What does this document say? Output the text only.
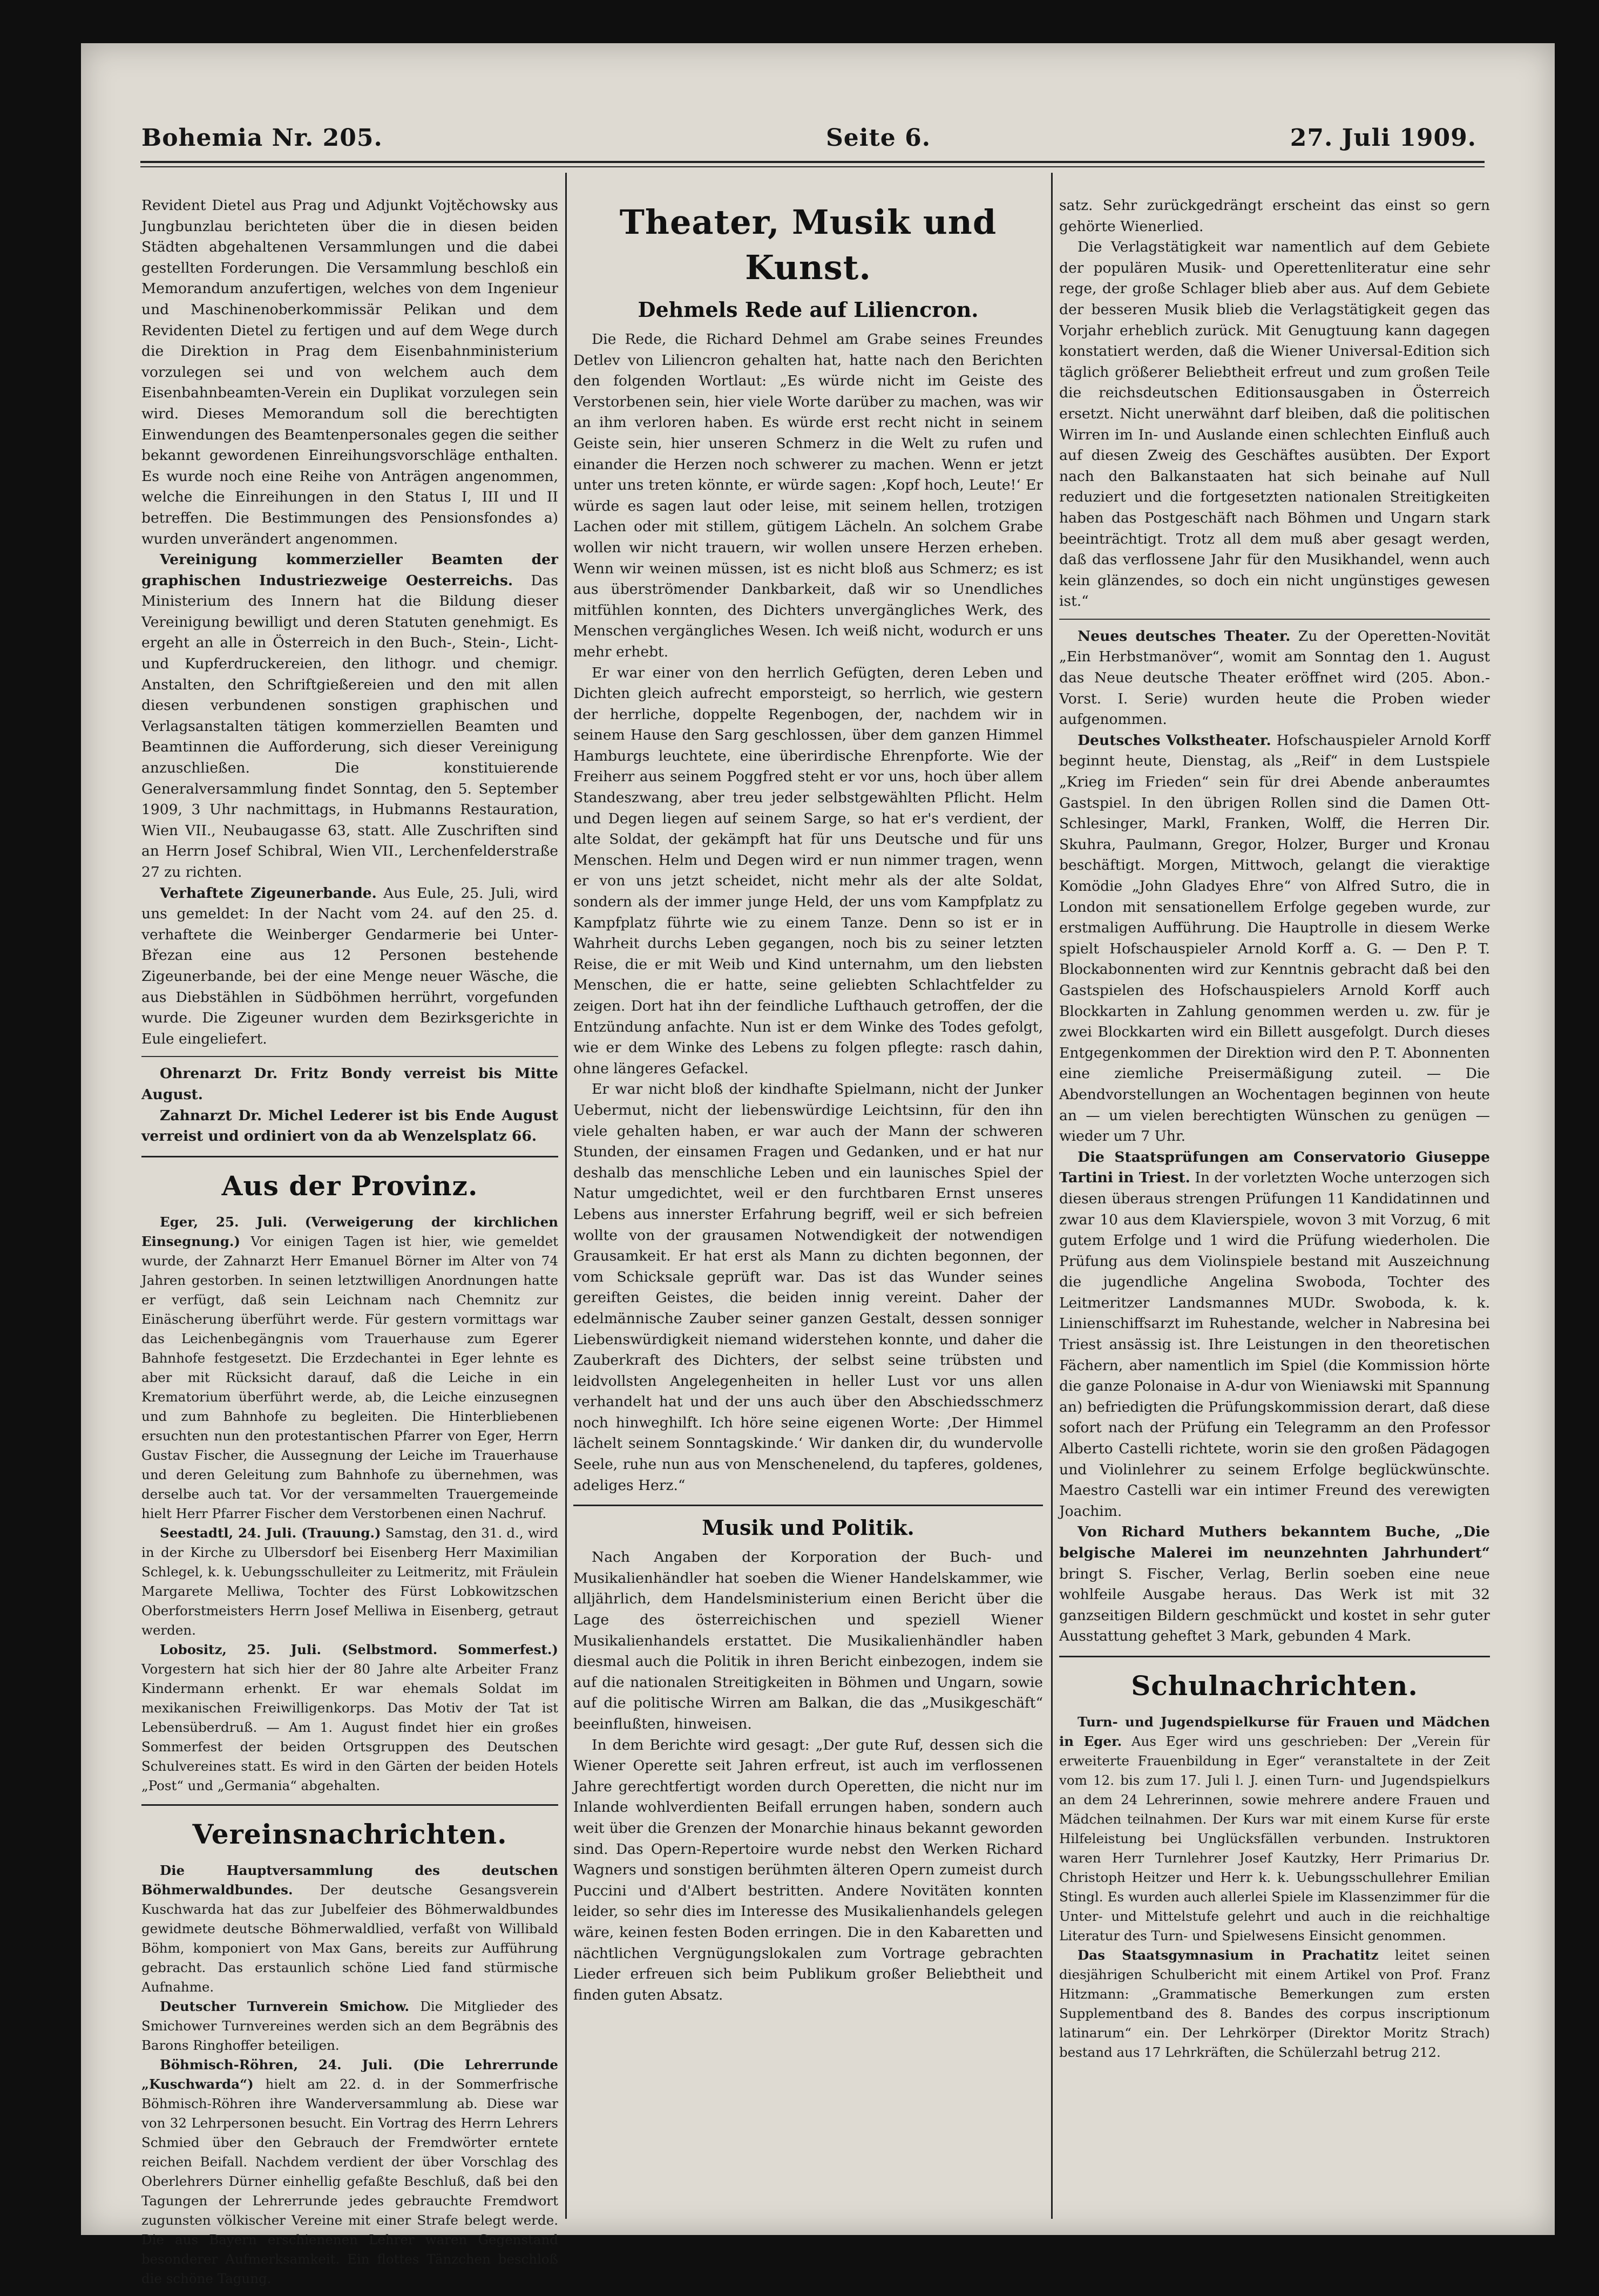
Bohemia Nr. 205.	Seite 6.	27. Juli 1909.

Revident Dietel aus Prag und Adjunkt Vojtěchowsky aus Jungbunzlau berichteten über die in diesen beiden Städten abgehaltenen Versammlungen und die dabei gestellten Forderungen. Die Versammlung beschloß ein Memorandum anzufertigen, welches von dem Ingenieur und Maschinenoberkommissär Pelikan und dem Revidenten Dietel zu fertigen und auf dem Wege durch die Direktion in Prag dem Eisenbahnministerium vorzulegen sei und von welchem auch dem Eisenbahnbeamten-Verein ein Duplikat vorzulegen sein wird. Dieses Memorandum soll die berechtigten Einwendungen des Beamtenpersonales gegen die seither bekannt gewordenen Einreihungsvorschläge enthalten. Es wurde noch eine Reihe von Anträgen angenommen, welche die Einreihungen in den Status I, III und II betreffen. Die Bestimmungen des Pensionsfondes a) wurden unverändert angenommen.

Vereinigung kommerzieller Beamten der graphischen Industriezweige Oesterreichs. Das Ministerium des Innern hat die Bildung dieser Vereinigung bewilligt und deren Statuten genehmigt. Es ergeht an alle in Österreich in den Buch-, Stein-, Licht- und Kupferdruckereien, den lithogr. und chemigr. Anstalten, den Schriftgießereien und den mit allen diesen verbundenen sonstigen graphischen und Verlagsanstalten tätigen kommerziellen Beamten und Beamtinnen die Aufforderung, sich dieser Vereinigung anzuschließen. Die konstituierende Generalversammlung findet Sonntag, den 5. September 1909, 3 Uhr nachmittags, in Hubmanns Restauration, Wien VII., Neubaugasse 63, statt. Alle Zuschriften sind an Herrn Josef Schibral, Wien VII., Lerchenfelderstraße 27 zu richten.

Verhaftete Zigeunerbande. Aus Eule, 25. Juli, wird uns gemeldet: In der Nacht vom 24. auf den 25. d. verhaftete die Weinberger Gendarmerie bei Unter-Březan eine aus 12 Personen bestehende Zigeunerbande, bei der eine Menge neuer Wäsche, die aus Diebstählen in Südböhmen herrührt, vorgefunden wurde. Die Zigeuner wurden dem Bezirksgerichte in Eule eingeliefert.

Ohrenarzt Dr. Fritz Bondy verreist bis Mitte August.

Zahnarzt Dr. Michel Lederer ist bis Ende August verreist und ordiniert von da ab Wenzelsplatz 66.

Aus der Provinz.

Eger, 25. Juli. (Verweigerung der kirchlichen Einsegnung.) Vor einigen Tagen ist hier, wie gemeldet wurde, der Zahnarzt Herr Emanuel Börner im Alter von 74 Jahren gestorben. In seinen letztwilligen Anordnungen hatte er verfügt, daß sein Leichnam nach Chemnitz zur Einäscherung überführt werde. Für gestern vormittags war das Leichenbegängnis vom Trauerhause zum Egerer Bahnhofe festgesetzt. Die Erzdechantei in Eger lehnte es aber mit Rücksicht darauf, daß die Leiche in ein Krematorium überführt werde, ab, die Leiche einzusegnen und zum Bahnhofe zu begleiten. Die Hinterbliebenen ersuchten nun den protestantischen Pfarrer von Eger, Herrn Gustav Fischer, die Aussegnung der Leiche im Trauerhause und deren Geleitung zum Bahnhofe zu übernehmen, was derselbe auch tat. Vor der versammelten Trauergemeinde hielt Herr Pfarrer Fischer dem Verstorbenen einen Nachruf.

Seestadtl, 24. Juli. (Trauung.) Samstag, den 31. d., wird in der Kirche zu Ulbersdorf bei Eisenberg Herr Maximilian Schlegel, k. k. Uebungsschulleiter zu Leitmeritz, mit Fräulein Margarete Melliwa, Tochter des Fürst Lobkowitzschen Oberforstmeisters Herrn Josef Melliwa in Eisenberg, getraut werden.

Lobositz, 25. Juli. (Selbstmord. Sommerfest.) Vorgestern hat sich hier der 80 Jahre alte Arbeiter Franz Kindermann erhenkt. Er war ehemals Soldat im mexikanischen Freiwilligenkorps. Das Motiv der Tat ist Lebensüberdruß. — Am 1. August findet hier ein großes Sommerfest der beiden Ortsgruppen des Deutschen Schulvereines statt. Es wird in den Gärten der beiden Hotels „Post“ und „Germania“ abgehalten.

Vereinsnachrichten.

Die Hauptversammlung des deutschen Böhmerwaldbundes. Der deutsche Gesangsverein Kuschwarda hat das zur Jubelfeier des Böhmerwaldbundes gewidmete deutsche Böhmerwaldlied, verfaßt von Willibald Böhm, komponiert von Max Gans, bereits zur Aufführung gebracht. Das erstaunlich schöne Lied fand stürmische Aufnahme.

Deutscher Turnverein Smichow. Die Mitglieder des Smichower Turnvereines werden sich an dem Begräbnis des Barons Ringhoffer beteiligen.

Böhmisch-Röhren, 24. Juli. (Die Lehrerrunde „Kuschwarda“) hielt am 22. d. in der Sommerfrische Böhmisch-Röhren ihre Wanderversammlung ab. Diese war von 32 Lehrpersonen besucht. Ein Vortrag des Herrn Lehrers Schmied über den Gebrauch der Fremdwörter erntete reichen Beifall. Nachdem verdient der über Vorschlag des Oberlehrers Dürner einhellig gefaßte Beschluß, daß bei den Tagungen der Lehrerrunde jedes gebrauchte Fremdwort zugunsten völkischer Vereine mit einer Strafe belegt werde. Die aus Bayern erschienenen Lehrer waren Gegenstand besonderer Aufmerksamkeit. Ein flottes Tänzchen beschloß die schöne Tagung.

Theater, Musik und Kunst.
Dehmels Rede auf Liliencron.

Die Rede, die Richard Dehmel am Grabe seines Freundes Detlev von Liliencron gehalten hat, hatte nach den Berichten den folgenden Wortlaut: „Es würde nicht im Geiste des Verstorbenen sein, hier viele Worte darüber zu machen, was wir an ihm verloren haben. Es würde erst recht nicht in seinem Geiste sein, hier unseren Schmerz in die Welt zu rufen und einander die Herzen noch schwerer zu machen. Wenn er jetzt unter uns treten könnte, er würde sagen: ‚Kopf hoch, Leute!‘ Er würde es sagen laut oder leise, mit seinem hellen, trotzigen Lachen oder mit stillem, gütigem Lächeln. An solchem Grabe wollen wir nicht trauern, wir wollen unsere Herzen erheben. Wenn wir weinen müssen, ist es nicht bloß aus Schmerz; es ist aus überströmender Dankbarkeit, daß wir so Unendliches mitfühlen konnten, des Dichters unvergängliches Werk, des Menschen vergängliches Wesen. Ich weiß nicht, wodurch er uns mehr erhebt.

Er war einer von den herrlich Gefügten, deren Leben und Dichten gleich aufrecht emporsteigt, so herrlich, wie gestern der herrliche, doppelte Regenbogen, der, nachdem wir in seinem Hause den Sarg geschlossen, über dem ganzen Himmel Hamburgs leuchtete, eine überirdische Ehrenpforte. Wie der Freiherr aus seinem Poggfred steht er vor uns, hoch über allem Standeszwang, aber treu jeder selbstgewählten Pflicht. Helm und Degen liegen auf seinem Sarge, so hat er's verdient, der alte Soldat, der gekämpft hat für uns Deutsche und für uns Menschen. Helm und Degen wird er nun nimmer tragen, wenn er von uns jetzt scheidet, nicht mehr als der alte Soldat, sondern als der immer junge Held, der uns vom Kampfplatz zu Kampfplatz führte wie zu einem Tanze. Denn so ist er in Wahrheit durchs Leben gegangen, noch bis zu seiner letzten Reise, die er mit Weib und Kind unternahm, um den liebsten Menschen, die er hatte, seine geliebten Schlachtfelder zu zeigen. Dort hat ihn der feindliche Lufthauch getroffen, der die Entzündung anfachte. Nun ist er dem Winke des Todes gefolgt, wie er dem Winke des Lebens zu folgen pflegte: rasch dahin, ohne längeres Gefackel.

Er war nicht bloß der kindhafte Spielmann, nicht der Junker Uebermut, nicht der liebenswürdige Leichtsinn, für den ihn viele gehalten haben, er war auch der Mann der schweren Stunden, der einsamen Fragen und Gedanken, und er hat nur deshalb das menschliche Leben und ein launisches Spiel der Natur umgedichtet, weil er den furchtbaren Ernst unseres Lebens aus innerster Erfahrung begriff, weil er sich befreien wollte von der grausamen Notwendigkeit der notwendigen Grausamkeit. Er hat erst als Mann zu dichten begonnen, der vom Schicksale geprüft war. Das ist das Wunder seines gereiften Geistes, die beiden innig vereint. Daher der edelmännische Zauber seiner ganzen Gestalt, dessen sonniger Liebenswürdigkeit niemand widerstehen konnte, und daher die Zauberkraft des Dichters, der selbst seine trübsten und leidvollsten Angelegenheiten in heller Lust vor uns allen verhandelt hat und der uns auch über den Abschiedsschmerz noch hinweghilft. Ich höre seine eigenen Worte: ‚Der Himmel lächelt seinem Sonntagskinde.‘ Wir danken dir, du wundervolle Seele, ruhe nun aus von Menschenelend, du tapferes, goldenes, adeliges Herz.“

Musik und Politik.

Nach Angaben der Korporation der Buch- und Musikalienhändler hat soeben die Wiener Handelskammer, wie alljährlich, dem Handelsministerium einen Bericht über die Lage des österreichischen und speziell Wiener Musikalienhandels erstattet. Die Musikalienhändler haben diesmal auch die Politik in ihren Bericht einbezogen, indem sie auf die nationalen Streitigkeiten in Böhmen und Ungarn, sowie auf die politische Wirren am Balkan, die das „Musikgeschäft“ beeinflußten, hinweisen.

In dem Berichte wird gesagt: „Der gute Ruf, dessen sich die Wiener Operette seit Jahren erfreut, ist auch im verflossenen Jahre gerechtfertigt worden durch Operetten, die nicht nur im Inlande wohlverdienten Beifall errungen haben, sondern auch weit über die Grenzen der Monarchie hinaus bekannt geworden sind. Das Opern-Repertoire wurde nebst den Werken Richard Wagners und sonstigen berühmten älteren Opern zumeist durch Puccini und d'Albert bestritten. Andere Novitäten konnten leider, so sehr dies im Interesse des Musikalienhandels gelegen wäre, keinen festen Boden erringen. Die in den Kabaretten und nächtlichen Vergnügungslokalen zum Vortrage gebrachten Lieder erfreuen sich beim Publikum großer Beliebtheit und finden guten Absatz.

satz. Sehr zurückgedrängt erscheint das einst so gern gehörte Wienerlied.

Die Verlagstätigkeit war namentlich auf dem Gebiete der populären Musik- und Operettenliteratur eine sehr rege, der große Schlager blieb aber aus. Auf dem Gebiete der besseren Musik blieb die Verlagstätigkeit gegen das Vorjahr erheblich zurück. Mit Genugtuung kann dagegen konstatiert werden, daß die Wiener Universal-Edition sich täglich größerer Beliebtheit erfreut und zum großen Teile die reichsdeutschen Editionsausgaben in Österreich ersetzt. Nicht unerwähnt darf bleiben, daß die politischen Wirren im In- und Auslande einen schlechten Einfluß auch auf diesen Zweig des Geschäftes ausübten. Der Export nach den Balkanstaaten hat sich beinahe auf Null reduziert und die fortgesetzten nationalen Streitigkeiten haben das Postgeschäft nach Böhmen und Ungarn stark beeinträchtigt. Trotz all dem muß aber gesagt werden, daß das verflossene Jahr für den Musikhandel, wenn auch kein glänzendes, so doch ein nicht ungünstiges gewesen ist.“

Neues deutsches Theater. Zu der Operetten-Novität „Ein Herbstmanöver“, womit am Sonntag den 1. August das Neue deutsche Theater eröffnet wird (205. Abon.-Vorst. I. Serie) wurden heute die Proben wieder aufgenommen.

Deutsches Volkstheater. Hofschauspieler Arnold Korff beginnt heute, Dienstag, als „Reif“ in dem Lustspiele „Krieg im Frieden“ sein für drei Abende anberaumtes Gastspiel. In den übrigen Rollen sind die Damen Ott-Schlesinger, Markl, Franken, Wolff, die Herren Dir. Skuhra, Paulmann, Gregor, Holzer, Burger und Kronau beschäftigt. Morgen, Mittwoch, gelangt die vieraktige Komödie „John Gladyes Ehre“ von Alfred Sutro, die in London mit sensationellem Erfolge gegeben wurde, zur erstmaligen Aufführung. Die Hauptrolle in diesem Werke spielt Hofschauspieler Arnold Korff a. G. — Den P. T. Blockabonnenten wird zur Kenntnis gebracht daß bei den Gastspielen des Hofschauspielers Arnold Korff auch Blockkarten in Zahlung genommen werden u. zw. für je zwei Blockkarten wird ein Billett ausgefolgt. Durch dieses Entgegenkommen der Direktion wird den P. T. Abonnenten eine ziemliche Preisermäßigung zuteil. — Die Abendvorstellungen an Wochentagen beginnen von heute an — um vielen berechtigten Wünschen zu genügen — wieder um 7 Uhr.

Die Staatsprüfungen am Conservatorio Giuseppe Tartini in Triest. In der vorletzten Woche unterzogen sich diesen überaus strengen Prüfungen 11 Kandidatinnen und zwar 10 aus dem Klavierspiele, wovon 3 mit Vorzug, 6 mit gutem Erfolge und 1 wird die Prüfung wiederholen. Die Prüfung aus dem Violinspiele bestand mit Auszeichnung die jugendliche Angelina Swoboda, Tochter des Leitmeritzer Landsmannes MUDr. Swoboda, k. k. Linienschiffsarzt im Ruhestande, welcher in Nabresina bei Triest ansässig ist. Ihre Leistungen in den theoretischen Fächern, aber namentlich im Spiel (die Kommission hörte die ganze Polonaise in A-dur von Wieniawski mit Spannung an) befriedigten die Prüfungskommission derart, daß diese sofort nach der Prüfung ein Telegramm an den Professor Alberto Castelli richtete, worin sie den großen Pädagogen und Violinlehrer zu seinem Erfolge beglückwünschte. Maestro Castelli war ein intimer Freund des verewigten Joachim.

Von Richard Muthers bekanntem Buche, „Die belgische Malerei im neunzehnten Jahrhundert“ bringt S. Fischer, Verlag, Berlin soeben eine neue wohlfeile Ausgabe heraus. Das Werk ist mit 32 ganzseitigen Bildern geschmückt und kostet in sehr guter Ausstattung geheftet 3 Mark, gebunden 4 Mark.

Schulnachrichten.

Turn- und Jugendspielkurse für Frauen und Mädchen in Eger. Aus Eger wird uns geschrieben: Der „Verein für erweiterte Frauenbildung in Eger“ veranstaltete in der Zeit vom 12. bis zum 17. Juli l. J. einen Turn- und Jugendspielkurs an dem 24 Lehrerinnen, sowie mehrere andere Frauen und Mädchen teilnahmen. Der Kurs war mit einem Kurse für erste Hilfeleistung bei Unglücksfällen verbunden. Instruktoren waren Herr Turnlehrer Josef Kautzky, Herr Primarius Dr. Christoph Heitzer und Herr k. k. Uebungsschullehrer Emilian Stingl. Es wurden auch allerlei Spiele im Klassenzimmer für die Unter- und Mittelstufe gelehrt und auch in die reichhaltige Literatur des Turn- und Spielwesens Einsicht genommen.

Das Staatsgymnasium in Prachatitz leitet seinen diesjährigen Schulbericht mit einem Artikel von Prof. Franz Hitzmann: „Grammatische Bemerkungen zum ersten Supplementband des 8. Bandes des corpus inscriptionum latinarum“ ein. Der Lehrkörper (Direktor Moritz Strach) bestand aus 17 Lehrkräften, die Schülerzahl betrug 212.
